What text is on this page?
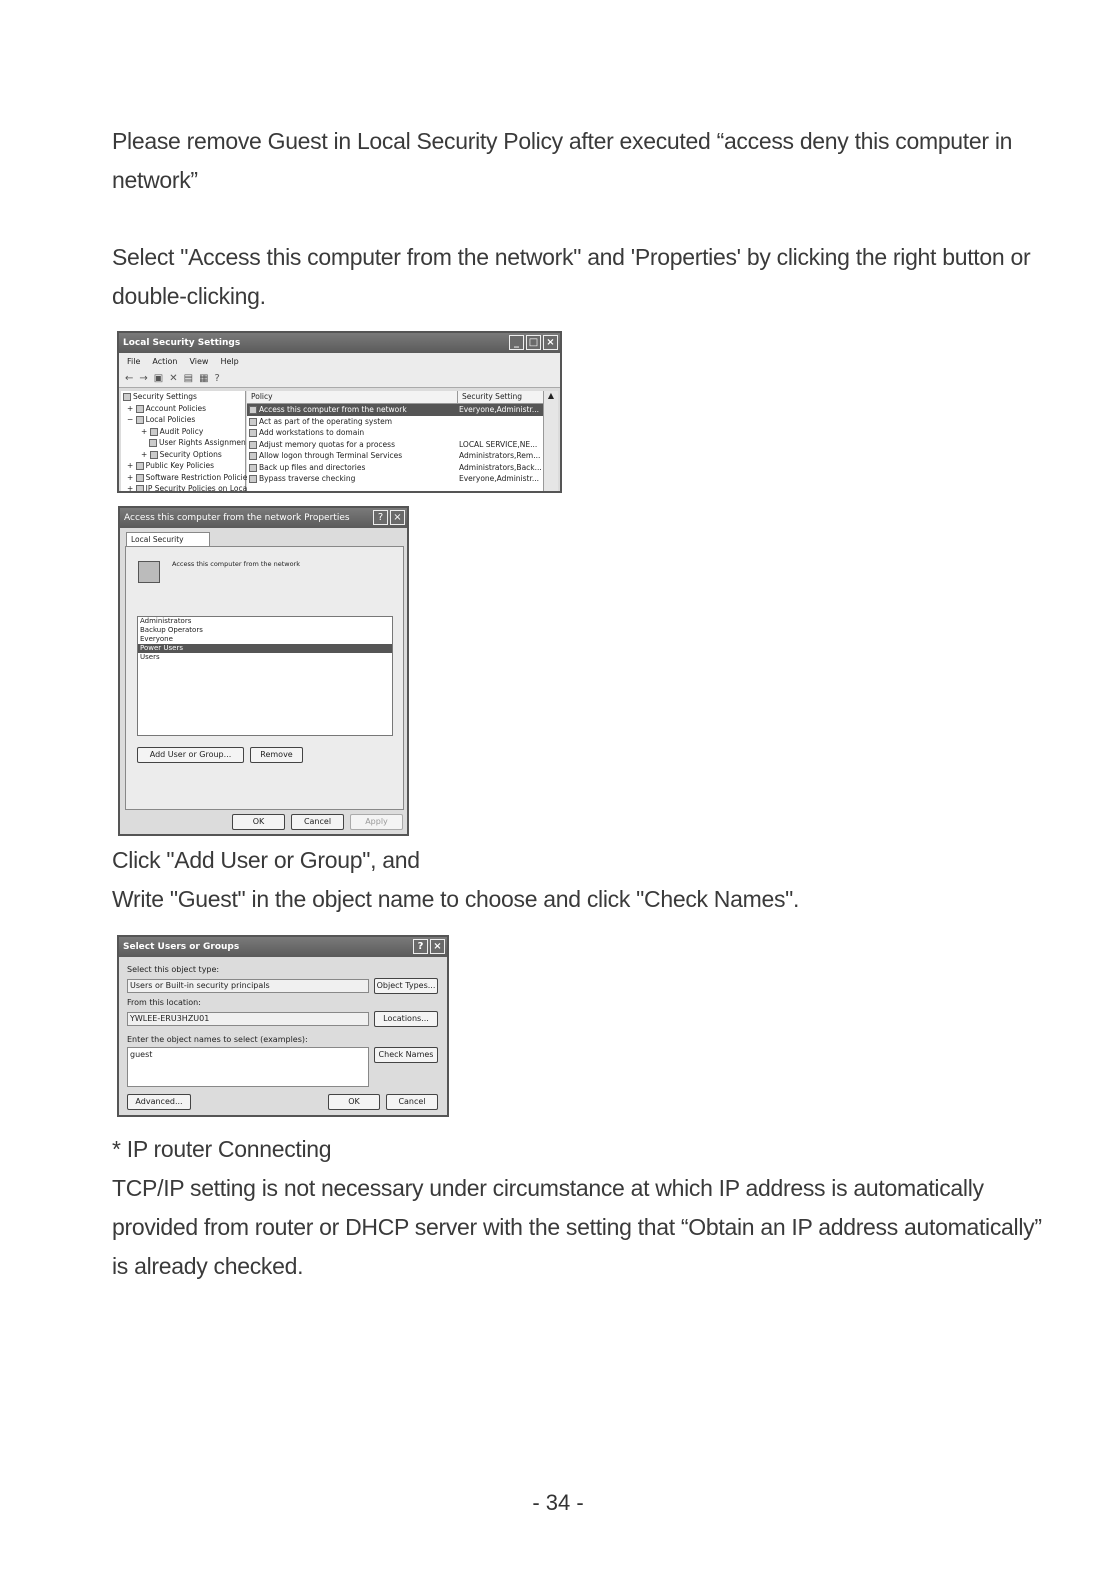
Please remove Guest in Local Security Policy after executed “access deny this computer in
network”
Select "Access this computer from the network" and 'Properties' by clicking the right button or
double-clicking.
Local Security Settings	_ □ ×
File Action View Help
← → ▣ ✕ ▤ ▦ ?
Security Settings
+ Account Policies
− Local Policies
+ Audit Policy
User Rights Assignmen
+ Security Options
+ Public Key Policies
+ Software Restriction Policie
+ IP Security Policies on Loca
Policy	Security Setting
Access this computer from the network	Everyone,Administr...
Act as part of the operating system
Add workstations to domain
Adjust memory quotas for a process	LOCAL SERVICE,NE...
Allow logon through Terminal Services	Administrators,Rem...
Back up files and directories	Administrators,Back...
Bypass traverse checking	Everyone,Administr...
▲
Access this computer from the network Properties	?	×
Local Security
Access this computer from the network
Administrators
Backup Operators
Everyone
Power Users
Users
Add User or Group...	Remove
OK	Cancel	Apply
Click "Add User or Group", and
Write "Guest" in the object name to choose and click "Check Names".
Select Users or Groups	? ×
Select this object type:
Users or Built-in security principals	Object Types...
From this location:
YWLEE-ERU3HZU01	Locations...
Enter the object names to select (examples):
guest	Check Names
Advanced...	OK	Cancel
* IP router Connecting
TCP/IP setting is not necessary under circumstance at which IP address is automatically
provided from router or DHCP server with the setting that “Obtain an IP address automatically”
is already checked.
- 34 -
